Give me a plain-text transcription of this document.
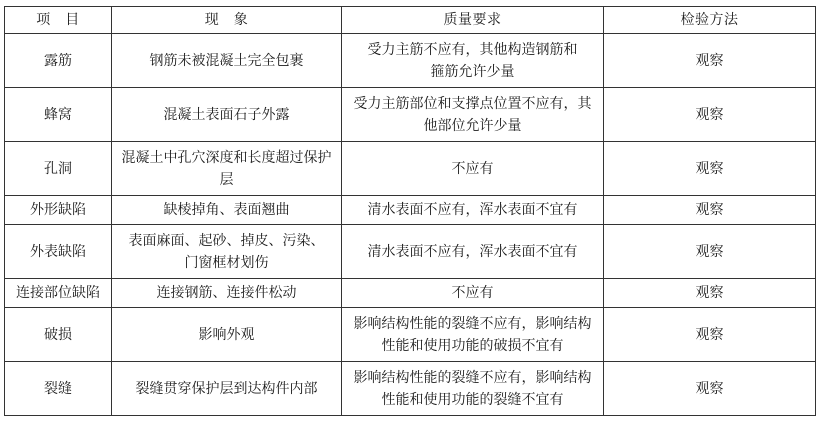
项　目	现　象	质量要求	检验方法
露筋	钢筋未被混凝土完全包裹	受力主筋不应有，其他构造钢筋和箍筋允许少量	观察
蜂窝	混凝土表面石子外露	受力主筋部位和支撑点位置不应有，其他部位允许少量	观察
孔洞	混凝土中孔穴深度和长度超过保护层	不应有	观察
外形缺陷	缺棱掉角、表面翘曲	清水表面不应有，浑水表面不宜有	观察
外表缺陷	表面麻面、起砂、掉皮、污染、门窗框材划伤	清水表面不应有，浑水表面不宜有	观察
连接部位缺陷	连接钢筋、连接件松动	不应有	观察
破损	影响外观	影响结构性能的裂缝不应有，影响结构性能和使用功能的破损不宜有	观察
裂缝	裂缝贯穿保护层到达构件内部	影响结构性能的裂缝不应有，影响结构性能和使用功能的裂缝不宜有	观察
